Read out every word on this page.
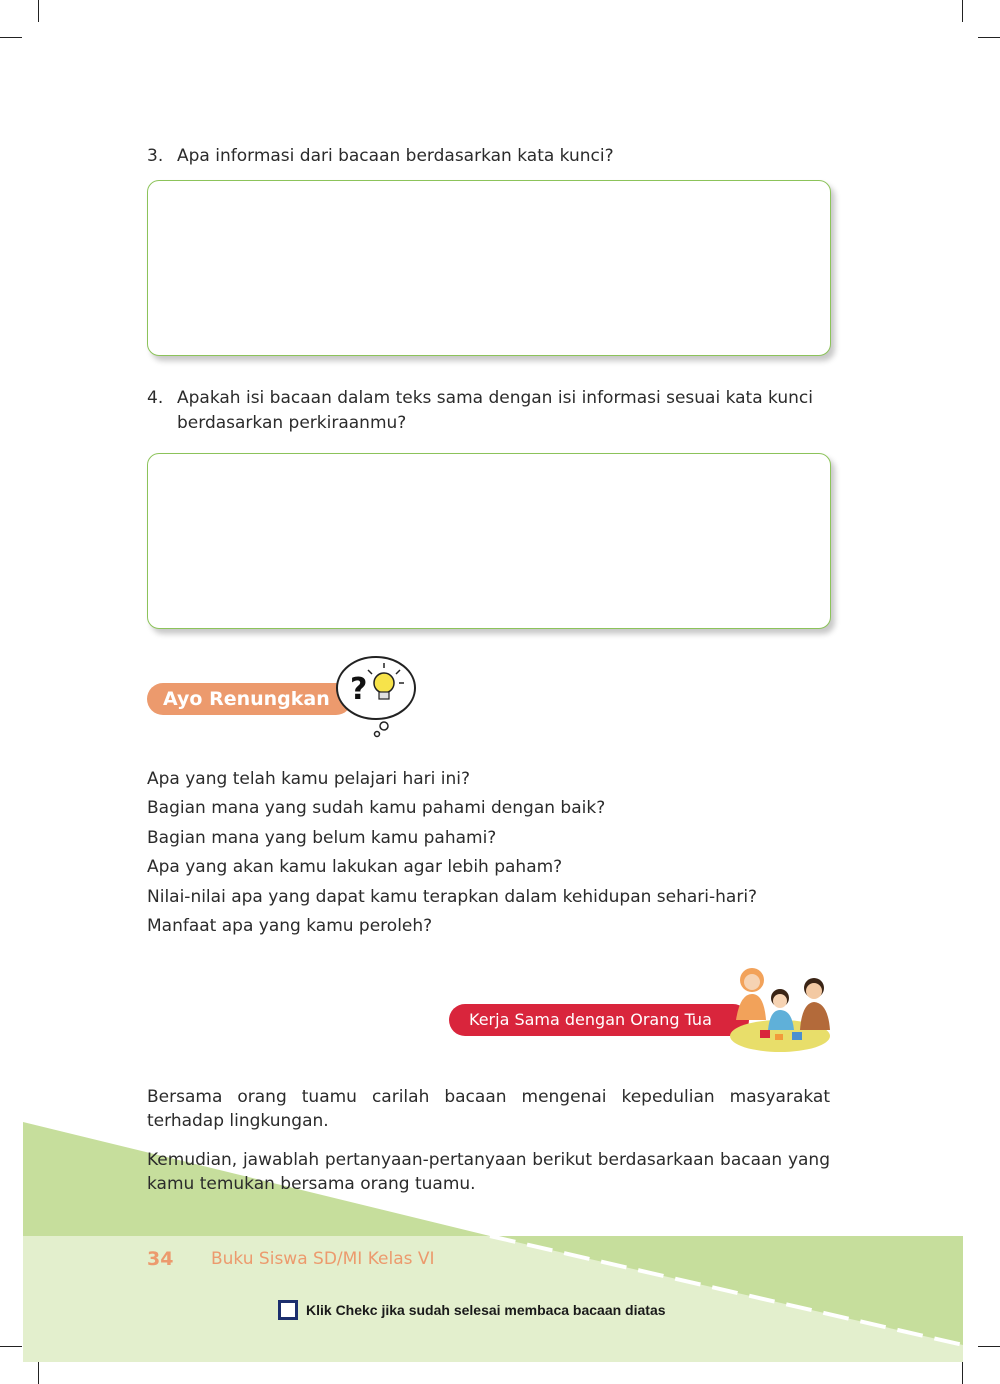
3. Apa informasi dari bacaan berdasarkan kata kunci?
4. Apakah isi bacaan dalam teks sama dengan isi informasi sesuai kata kunci berdasarkan perkiraanmu?
Ayo Renungkan ?
Apa yang telah kamu pelajari hari ini?
Bagian mana yang sudah kamu pahami dengan baik?
Bagian mana yang belum kamu pahami?
Apa yang akan kamu lakukan agar lebih paham?
Nilai-nilai apa yang dapat kamu terapkan dalam kehidupan sehari-hari?
Manfaat apa yang kamu peroleh?
Kerja Sama dengan Orang Tua
Bersama orang tuamu carilah bacaan mengenai kepedulian masyarakat terhadap lingkungan.
Kemudian, jawablah pertanyaan-pertanyaan berikut berdasarkaan bacaan yang kamu temukan bersama orang tuamu.
34 Buku Siswa SD/MI Kelas VI
Klik Chekc jika sudah selesai membaca bacaan diatas
